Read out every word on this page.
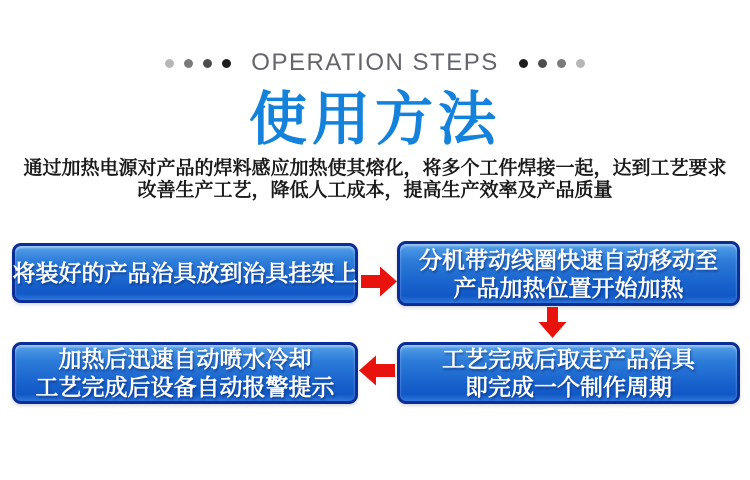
OPERATION STEPS
使用方法
通过加热电源对产品的焊料感应加热使其熔化，将多个工件焊接一起，达到工艺要求
改善生产工艺，降低人工成本，提高生产效率及产品质量
将装好的产品治具放到治具挂架上
分机带动线圈快速自动移动至
产品加热位置开始加热
工艺完成后取走产品治具
即完成一个制作周期
加热后迅速自动喷水冷却
工艺完成后设备自动报警提示
